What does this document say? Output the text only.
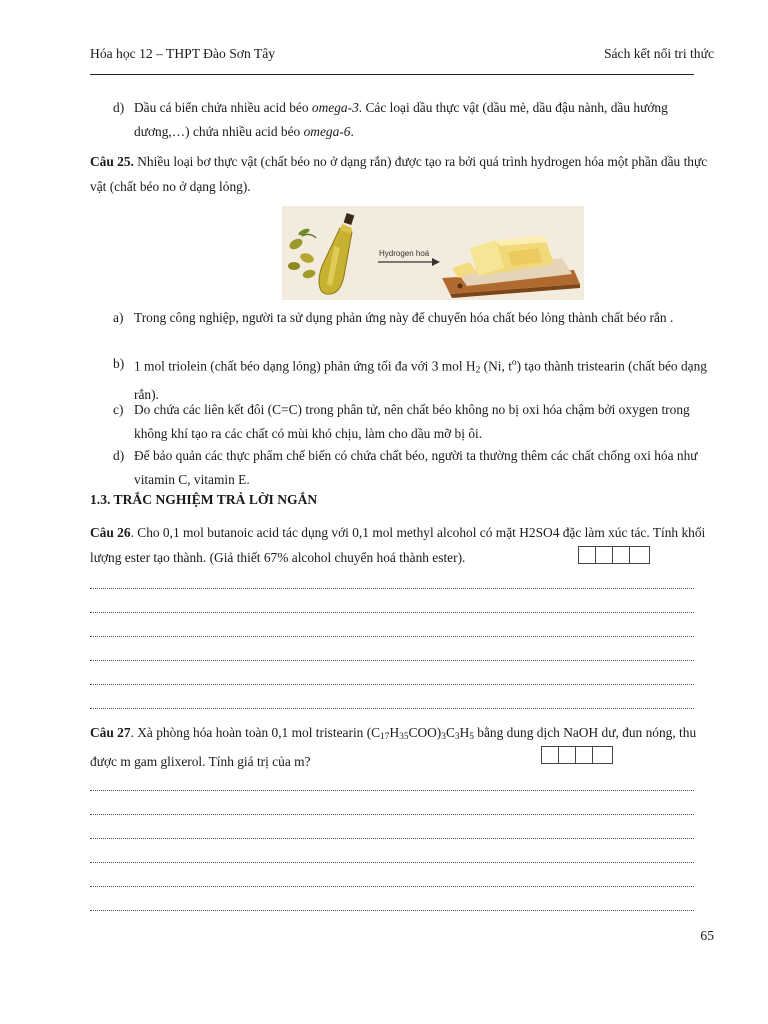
Hóa học 12 – THPT Đào Sơn Tây	Sách kết nối tri thức
d) Dầu cá biển chứa nhiều acid béo omega-3. Các loại dầu thực vật (dầu mè, dầu đậu nành, dầu hướng dương,…) chứa nhiều acid béo omega-6.
Câu 25. Nhiều loại bơ thực vật (chất béo no ở dạng rắn) được tạo ra bởi quá trình hydrogen hóa một phần dầu thực vật (chất béo no ở dạng lỏng).
Hydrogen hoá
a) Trong công nghiệp, người ta sử dụng phản ứng này để chuyển hóa chất béo lỏng thành chất béo rắn .
b) 1 mol triolein (chất béo dạng lỏng) phản ứng tối đa với 3 mol $H_2$ (Ni, $t^o$) tạo thành tristearin (chất béo dạng rắn).
c) Do chứa các liên kết đôi (C=C) trong phân tử, nên chất béo không no bị oxi hóa chậm bởi oxygen trong không khí tạo ra các chất có mùi khó chịu, làm cho dầu mỡ bị ôi.
d) Để bảo quản các thực phẩm chế biến có chứa chất béo, người ta thường thêm các chất chống oxi hóa như vitamin C, vitamin E.
1.3. TRẮC NGHIỆM TRẢ LỜI NGẮN
Câu 26. Cho 0,1 mol butanoic acid tác dụng với 0,1 mol methyl alcohol có mặt H2SO4 đặc làm xúc tác. Tính khối lượng ester tạo thành. (Giả thiết 67% alcohol chuyển hoá thành ester).
Câu 27. Xà phòng hóa hoàn toàn 0,1 mol tristearin $(C_{17}H_{35}COO)_3C_3H_5$ bằng dung dịch NaOH dư, đun nóng, thu được m gam glixerol. Tính giá trị của m?
65
